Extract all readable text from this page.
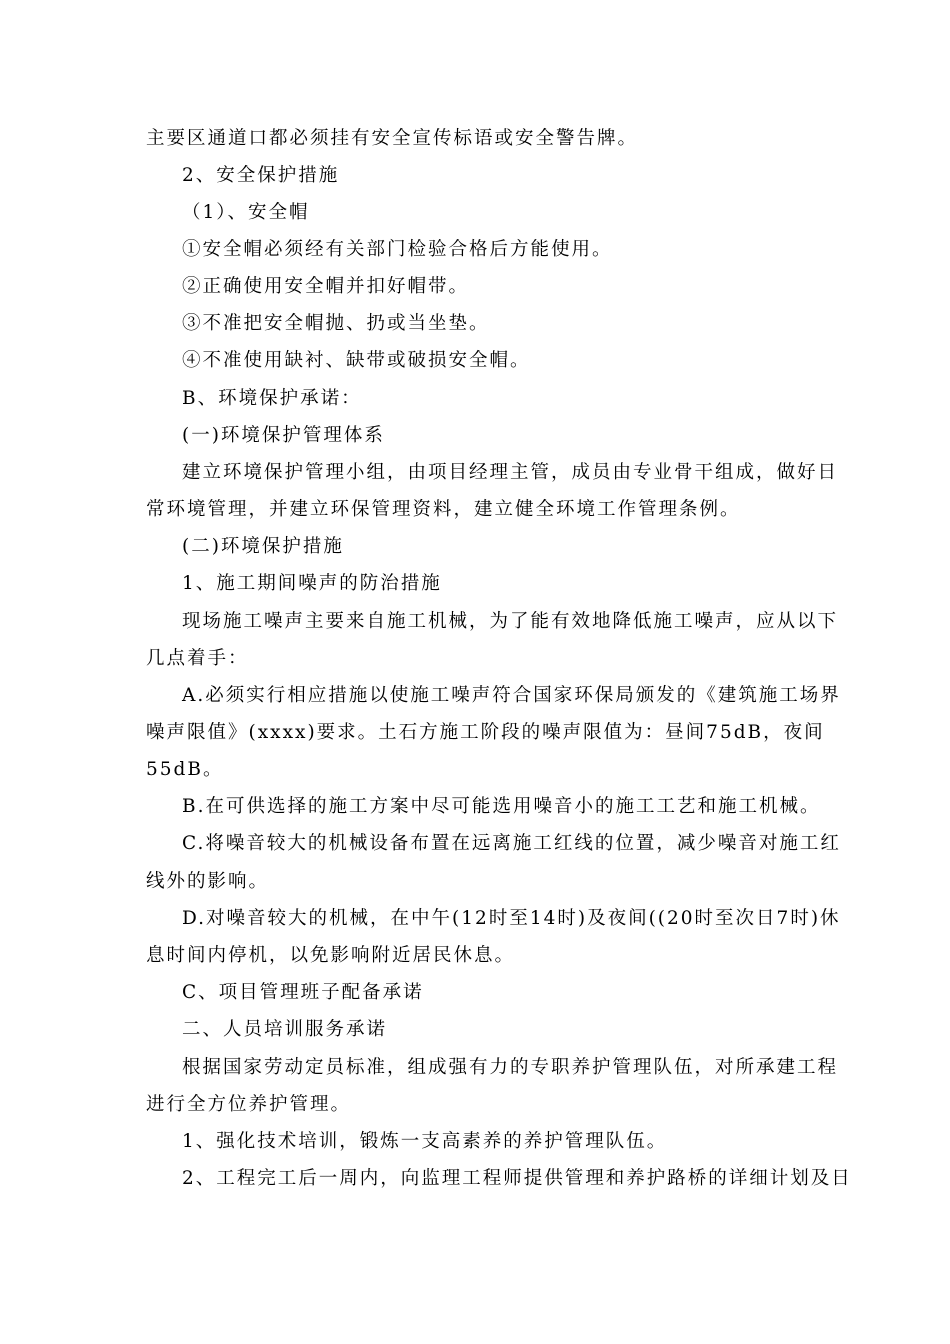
主要区通道口都必须挂有安全宣传标语或安全警告牌。
2、安全保护措施
（1）、安全帽
①安全帽必须经有关部门检验合格后方能使用。
②正确使用安全帽并扣好帽带。
③不准把安全帽抛、扔或当坐垫。
④不准使用缺衬、缺带或破损安全帽。
B、环境保护承诺：
(一)环境保护管理体系
建立环境保护管理小组，由项目经理主管，成员由专业骨干组成，做好日
常环境管理，并建立环保管理资料，建立健全环境工作管理条例。
(二)环境保护措施
1、施工期间噪声的防治措施
现场施工噪声主要来自施工机械，为了能有效地降低施工噪声，应从以下
几点着手：
A.必须实行相应措施以使施工噪声符合国家环保局颁发的《建筑施工场界
噪声限值》(xxxx)要求。土石方施工阶段的噪声限值为：昼间75dB，夜间
55dB。
B.在可供选择的施工方案中尽可能选用噪音小的施工工艺和施工机械。
C.将噪音较大的机械设备布置在远离施工红线的位置，减少噪音对施工红
线外的影响。
D.对噪音较大的机械，在中午(12时至14时)及夜间((20时至次日7时)休
息时间内停机，以免影响附近居民休息。
C、项目管理班子配备承诺
二、人员培训服务承诺
根据国家劳动定员标准，组成强有力的专职养护管理队伍，对所承建工程
进行全方位养护管理。
1、强化技术培训，锻炼一支高素养的养护管理队伍。
2、工程完工后一周内，向监理工程师提供管理和养护路桥的详细计划及日
